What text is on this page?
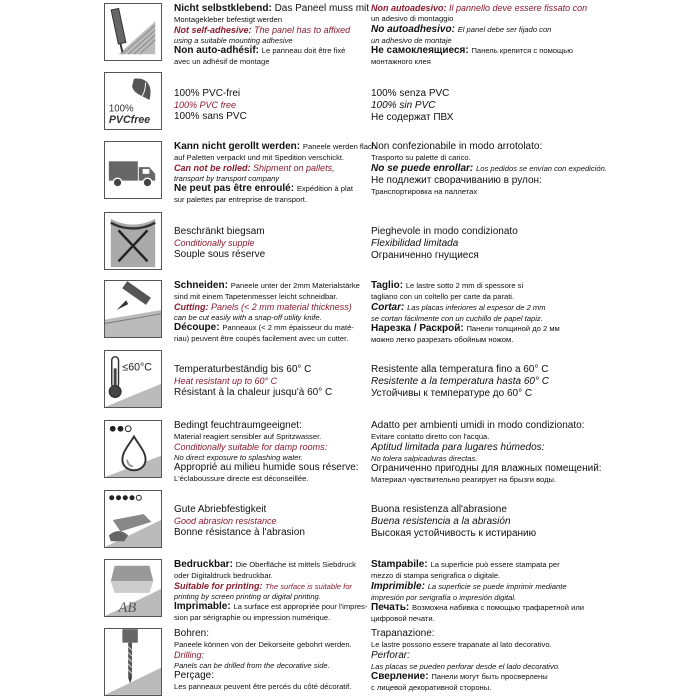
Nicht selbstklebend: Das Paneel muss mit
Montagekleber befestigt werden
Not self-adhesive: The panel has to affixed
using a suitable mounting adhesive
Non auto-adhésif: Le panneau doit être fixé
avec un adhésif de montage
Non autoadesivo: Il pannello deve essere fissato con
un adesivo di montaggio
No autoadhesivo: El panel debe ser fijado con
un adhesivo de montaje
Не самоклеящиеся: Панель крепится с помощью
монтажного клея
100%
PVCfree
100% PVC-frei
100% PVC free
100% sans PVC
100% senza PVC
100% sin PVC
Не содержат ПВХ
Kann nicht gerollt werden: Paneele werden flach
auf Paletten verpackt und mit Spedition verschickt.
Can not be rolled: Shipment on pallets,
transport by transport company
Ne peut pas être enroulé: Expédition à plat
sur palettes par entreprise de transport.
Non confezionabile in modo arrotolato:
Trasporto su palette di carico.
No se puede enrollar: Los pedidos se envían con expedición.
Не подлежит сворачиванию в рулон:
Транспортировка на паллетах
Beschränkt biegsam
Conditionally supple
Souple sous réserve
Pieghevole in modo condizionato
Flexibilidad limitada
Ограниченно гнущиеся
Schneiden: Paneele unter der 2mm Materialstärke
sind mit einem Tapetenmesser leicht schneidbar.
Cutting: Panels (< 2 mm material thickness)
can be cut easily with a snap-off utility knife.
Découpe: Panneaux (< 2 mm épaisseur du maté-
riau) peuvent être coupés facilement avec un cutter.
Taglio: Le lastre sotto 2 mm di spessore si
tagliano con un coltello per carte da parati.
Cortar: Las placas inferiores al espesor de 2 mm
se cortan fácilmente con un cuchillo de papel tapiz.
Нарезка / Раскрой: Панели толщиной до 2 мм
можно легко разрезать обойным ножом.
≤60°C Temperaturbeständig bis 60° C
Heat resistant up to 60° C
Résistant à la chaleur jusqu'à 60° C
Resistente alla temperatura fino a 60° C
Resistente a la temperatura hasta 60° C
Устойчивы к температуре до 60° C
Bedingt feuchtraumgeeignet:
Material reagiert sensibler auf Spritzwasser.
Conditionally suitable for damp rooms:
No direct exposure to splashing water.
Approprié au milieu humide sous réserve:
L'éclaboussure directe est déconseillée.
Adatto per ambienti umidi in modo condizionato:
Evitare contatto diretto con l'acqua.
Aptitud limitada para lugares húmedos:
No tolera salpicaduras directas.
Ограниченно пригодны для влажных помещений:
Материал чувствительно реагирует на брызги воды.
Gute Abriebfestigkeit
Good abrasion resistance
Bonne résistance à l'abrasion
Buona resistenza all'abrasione
Buena resistencia a la abrasión
Высокая устойчивость к истиранию
AB
Bedruckbar: Die Oberfläche ist mittels Siebdruck
oder Digitaldruck bedruckbar.
Suitable for printing: The surface is suitable for
printing by screen printing or digital printing.
Imprimable: La surface est appropriée pour l'impres-
sion par sérigraphie ou impression numérique.
Stampabile: La superficie può essere stampata per
mezzo di stampa serigrafica o digitale.
Imprimible: La superficie se puede imprimir mediante
impresión por serigrafía o impresión digital.
Печать: Возможна набивка с помощью трафаретной или
цифровой печати.
Bohren:
Paneele können von der Dekorseite gebohrt werden.
Drilling:
Panels can be drilled from the decorative side.
Perçage:
Les panneaux peuvent être percés du côté décoratif.
Trapanazione:
Le lastre possono essere trapanate al lato decorativo.
Perforar:
Las placas se pueden perforar desde el lado decorativo.
Сверление: Панели могут быть просверлены
с лицевой декоративной стороны.
